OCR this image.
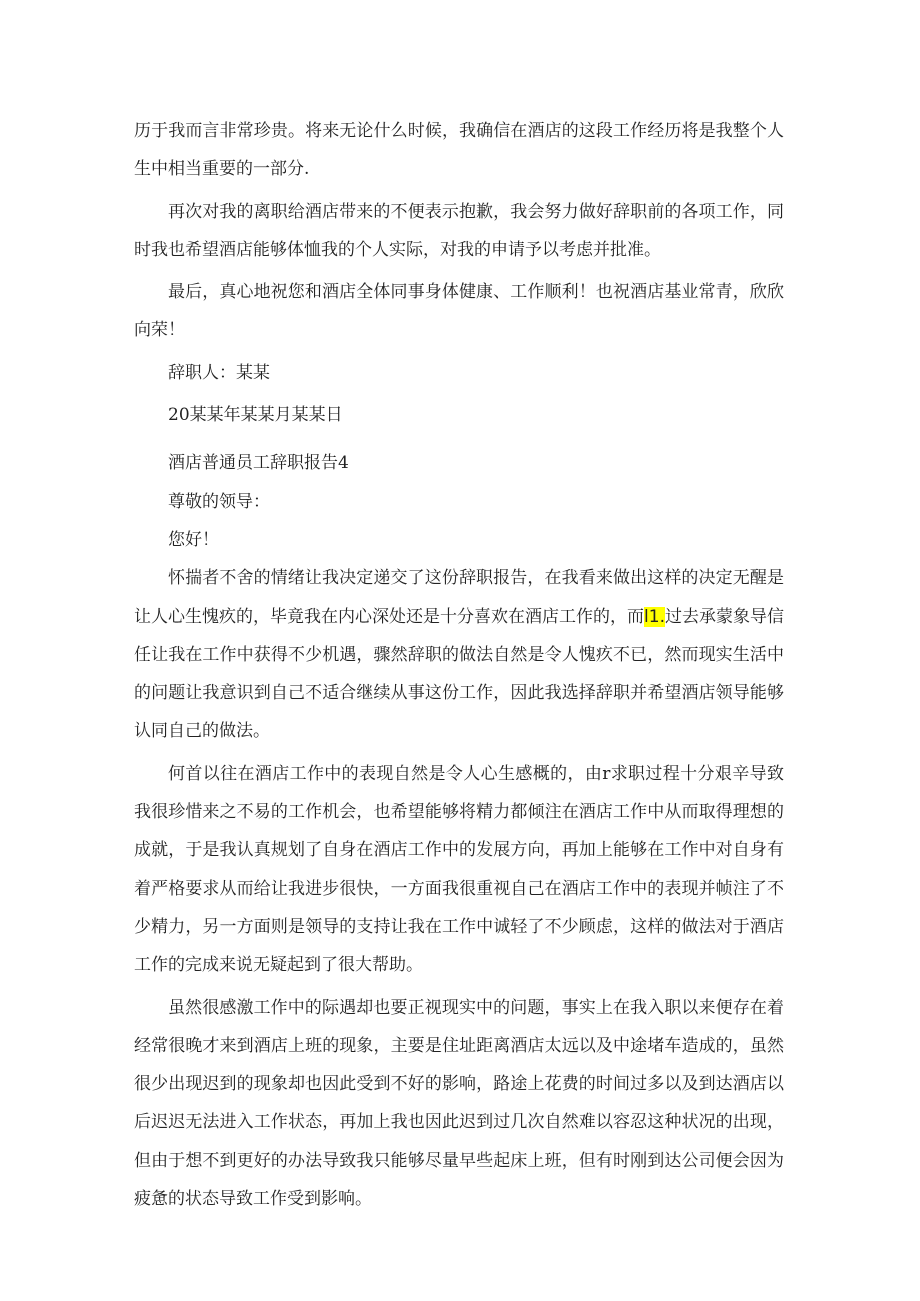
历于我而言非常珍贵。将来无论什么时候，我确信在酒店的这段工作经历将是我整个人生中相当重要的一部分.

再次对我的离职给酒店带来的不便表示抱歉，我会努力做好辞职前的各项工作，同时我也希望酒店能够体恤我的个人实际，对我的申请予以考虑并批准。

最后，真心地祝您和酒店全体同事身体健康、工作顺利！也祝酒店基业常青，欣欣向荣！

辞职人：某某

20某某年某某月某某日

酒店普通员工辞职报告4

尊敬的领导：

您好！

怀揣者不舍的情绪让我决定递交了这份辞职报告，在我看来做出这样的决定无醒是让人心生愧疚的，毕竟我在内心深处还是十分喜欢在酒店工作的，而l1.过去承蒙象导信任让我在工作中获得不少机遇，骤然辞职的做法自然是令人愧疚不已，然而现实生活中的问题让我意识到自己不适合继续从事这份工作，因此我选择辞职并希望酒店领导能够认同自己的做法。

何首以往在酒店工作中的表现自然是令人心生感概的，由r求职过程十分艰辛导致我很珍惜来之不易的工作机会，也希望能够将精力都倾注在酒店工作中从而取得理想的成就，于是我认真规划了自身在酒店工作中的发展方向，再加上能够在工作中对自身有着严格要求从而给让我进步很快，一方面我很重视自己在酒店工作中的表现并帧注了不少精力，另一方面则是领导的支持让我在工作中诚轻了不少顾虑，这样的做法对于酒店工作的完成来说无疑起到了很大帮助。

虽然很感激工作中的际遇却也要正视现实中的问题，事实上在我入职以来便存在着经常很晚才来到酒店上班的现象，主要是住址距离酒店太远以及中途堵车造成的，虽然很少出现迟到的现象却也因此受到不好的影响，路途上花费的时间过多以及到达酒店以后迟迟无法进入工作状态，再加上我也因此迟到过几次自然难以容忍这种状况的出现，但由于想不到更好的办法导致我只能够尽量早些起床上班，但有时刚到达公司便会因为疲惫的状态导致工作受到影响。
